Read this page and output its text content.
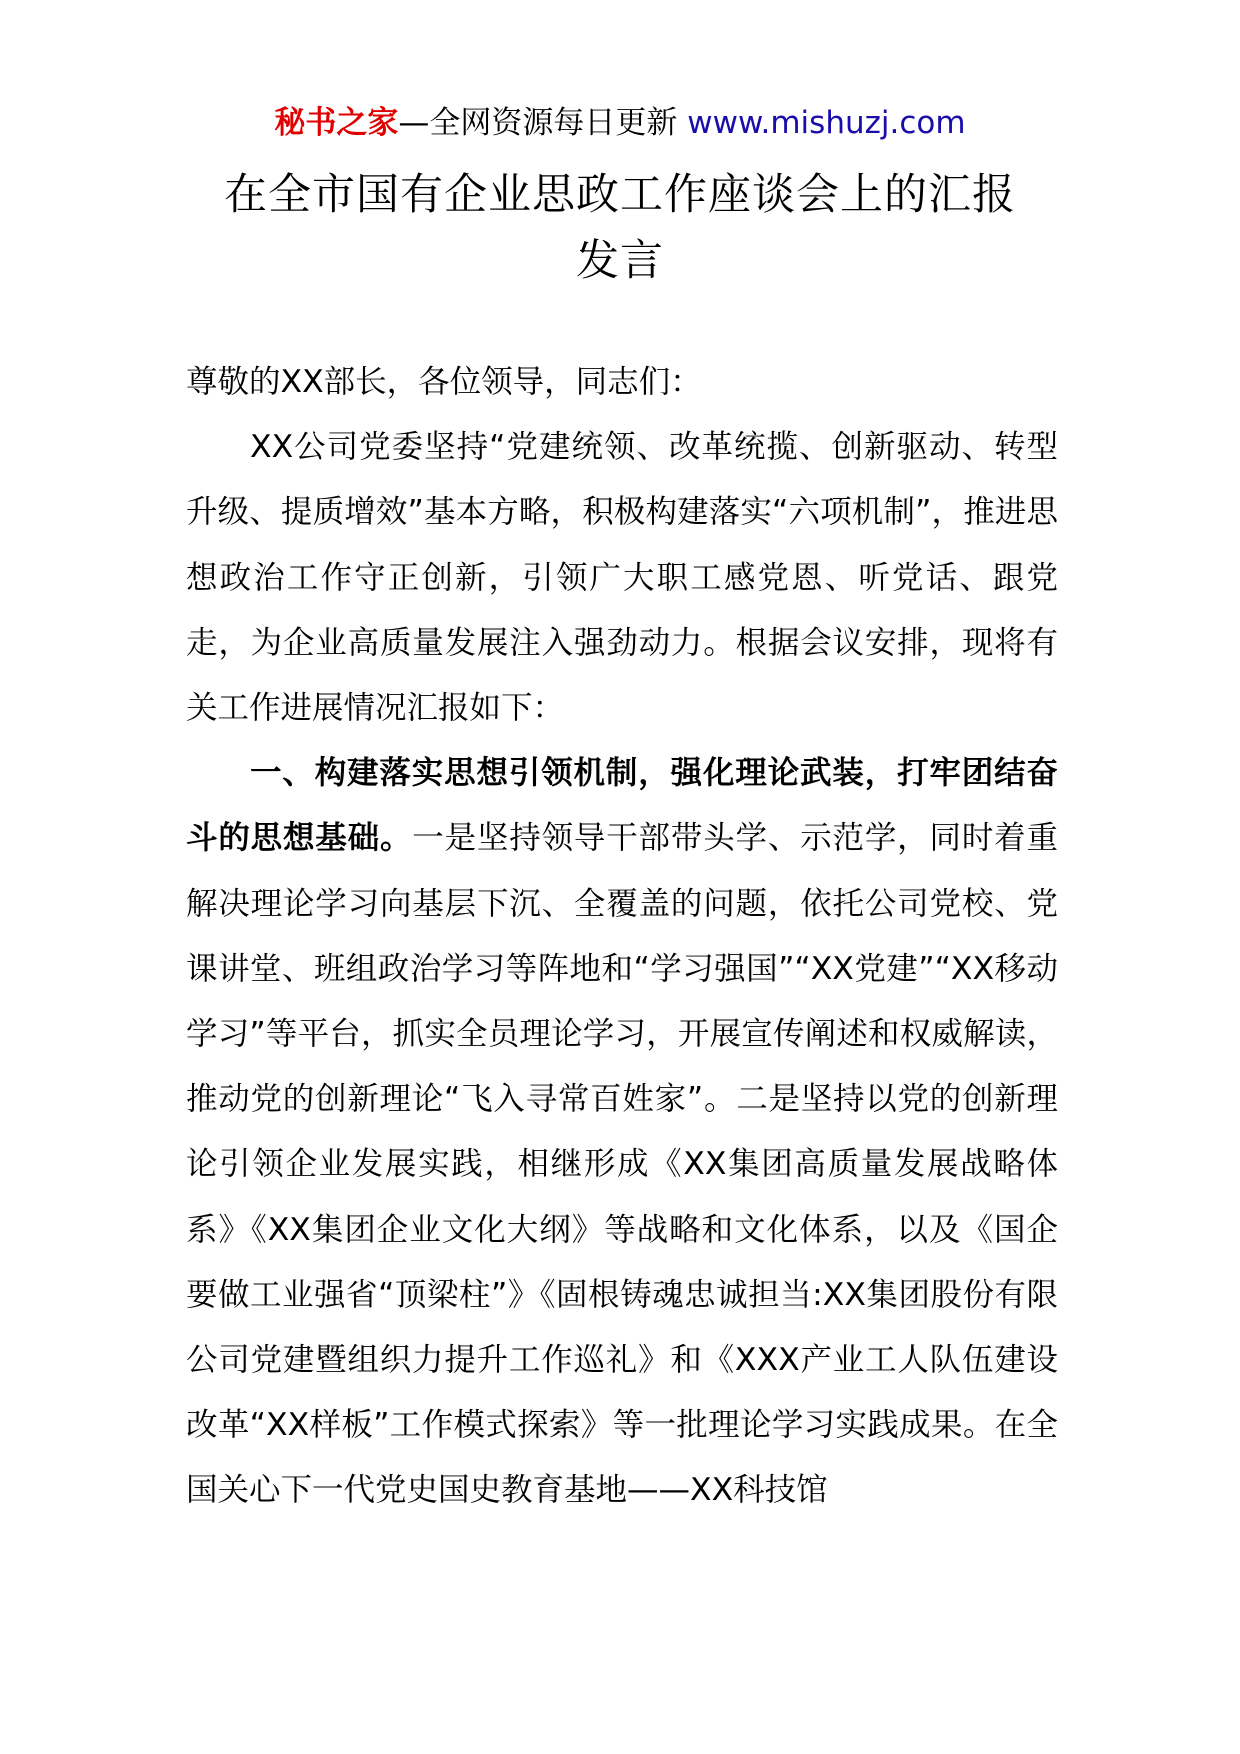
秘书之家—全网资源每日更新 www.mishuzj.com
在全市国有企业思政工作座谈会上的汇报
发言

尊敬的XX部长，各位领导，同志们：

XX公司党委坚持“党建统领、改革统揽、创新驱动、转型升级、提质增效”基本方略，积极构建落实“六项机制”，推进思想政治工作守正创新，引领广大职工感党恩、听党话、跟党走，为企业高质量发展注入强劲动力。根据会议安排，现将有关工作进展情况汇报如下：

一、构建落实思想引领机制，强化理论武装，打牢团结奋斗的思想基础。一是坚持领导干部带头学、示范学，同时着重解决理论学习向基层下沉、全覆盖的问题，依托公司党校、党课讲堂、班组政治学习等阵地和“学习强国”“XX党建”“XX移动学习”等平台，抓实全员理论学习，开展宣传阐述和权威解读，推动党的创新理论“飞入寻常百姓家”。二是坚持以党的创新理论引领企业发展实践，相继形成《XX集团高质量发展战略体系》《XX集团企业文化大纲》等战略和文化体系，以及《国企要做工业强省“顶梁柱”》《固根铸魂忠诚担当:XX集团股份有限公司党建暨组织力提升工作巡礼》和《XXX产业工人队伍建设改革“XX样板”工作模式探索》等一批理论学习实践成果。在全国关心下一代党史国史教育基地——XX科技馆
